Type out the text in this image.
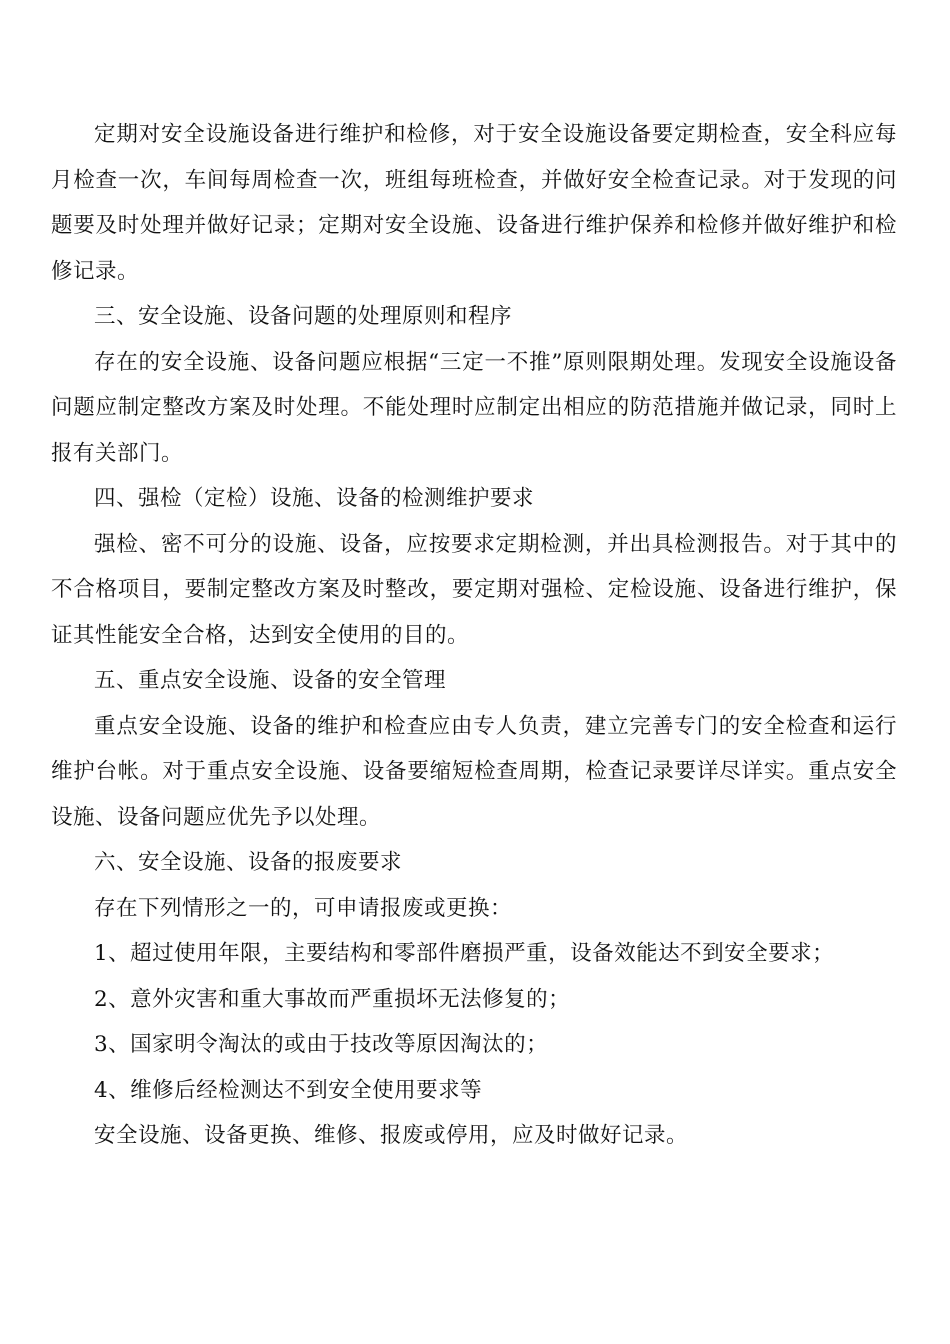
定期对安全设施设备进行维护和检修，对于安全设施设备要定期检查，安全科应每月检查一次，车间每周检查一次，班组每班检查，并做好安全检查记录。对于发现的问题要及时处理并做好记录；定期对安全设施、设备进行维护保养和检修并做好维护和检修记录。

三、安全设施、设备问题的处理原则和程序

存在的安全设施、设备问题应根据“三定一不推”原则限期处理。发现安全设施设备问题应制定整改方案及时处理。不能处理时应制定出相应的防范措施并做记录，同时上报有关部门。

四、强检（定检）设施、设备的检测维护要求

强检、密不可分的设施、设备，应按要求定期检测，并出具检测报告。对于其中的不合格项目，要制定整改方案及时整改，要定期对强检、定检设施、设备进行维护，保证其性能安全合格，达到安全使用的目的。

五、重点安全设施、设备的安全管理

重点安全设施、设备的维护和检查应由专人负责，建立完善专门的安全检查和运行维护台帐。对于重点安全设施、设备要缩短检查周期，检查记录要详尽详实。重点安全设施、设备问题应优先予以处理。

六、安全设施、设备的报废要求

存在下列情形之一的，可申请报废或更换：

1、超过使用年限，主要结构和零部件磨损严重，设备效能达不到安全要求；

2、意外灾害和重大事故而严重损坏无法修复的；

3、国家明令淘汰的或由于技改等原因淘汰的；

4、维修后经检测达不到安全使用要求等

安全设施、设备更换、维修、报废或停用，应及时做好记录。
